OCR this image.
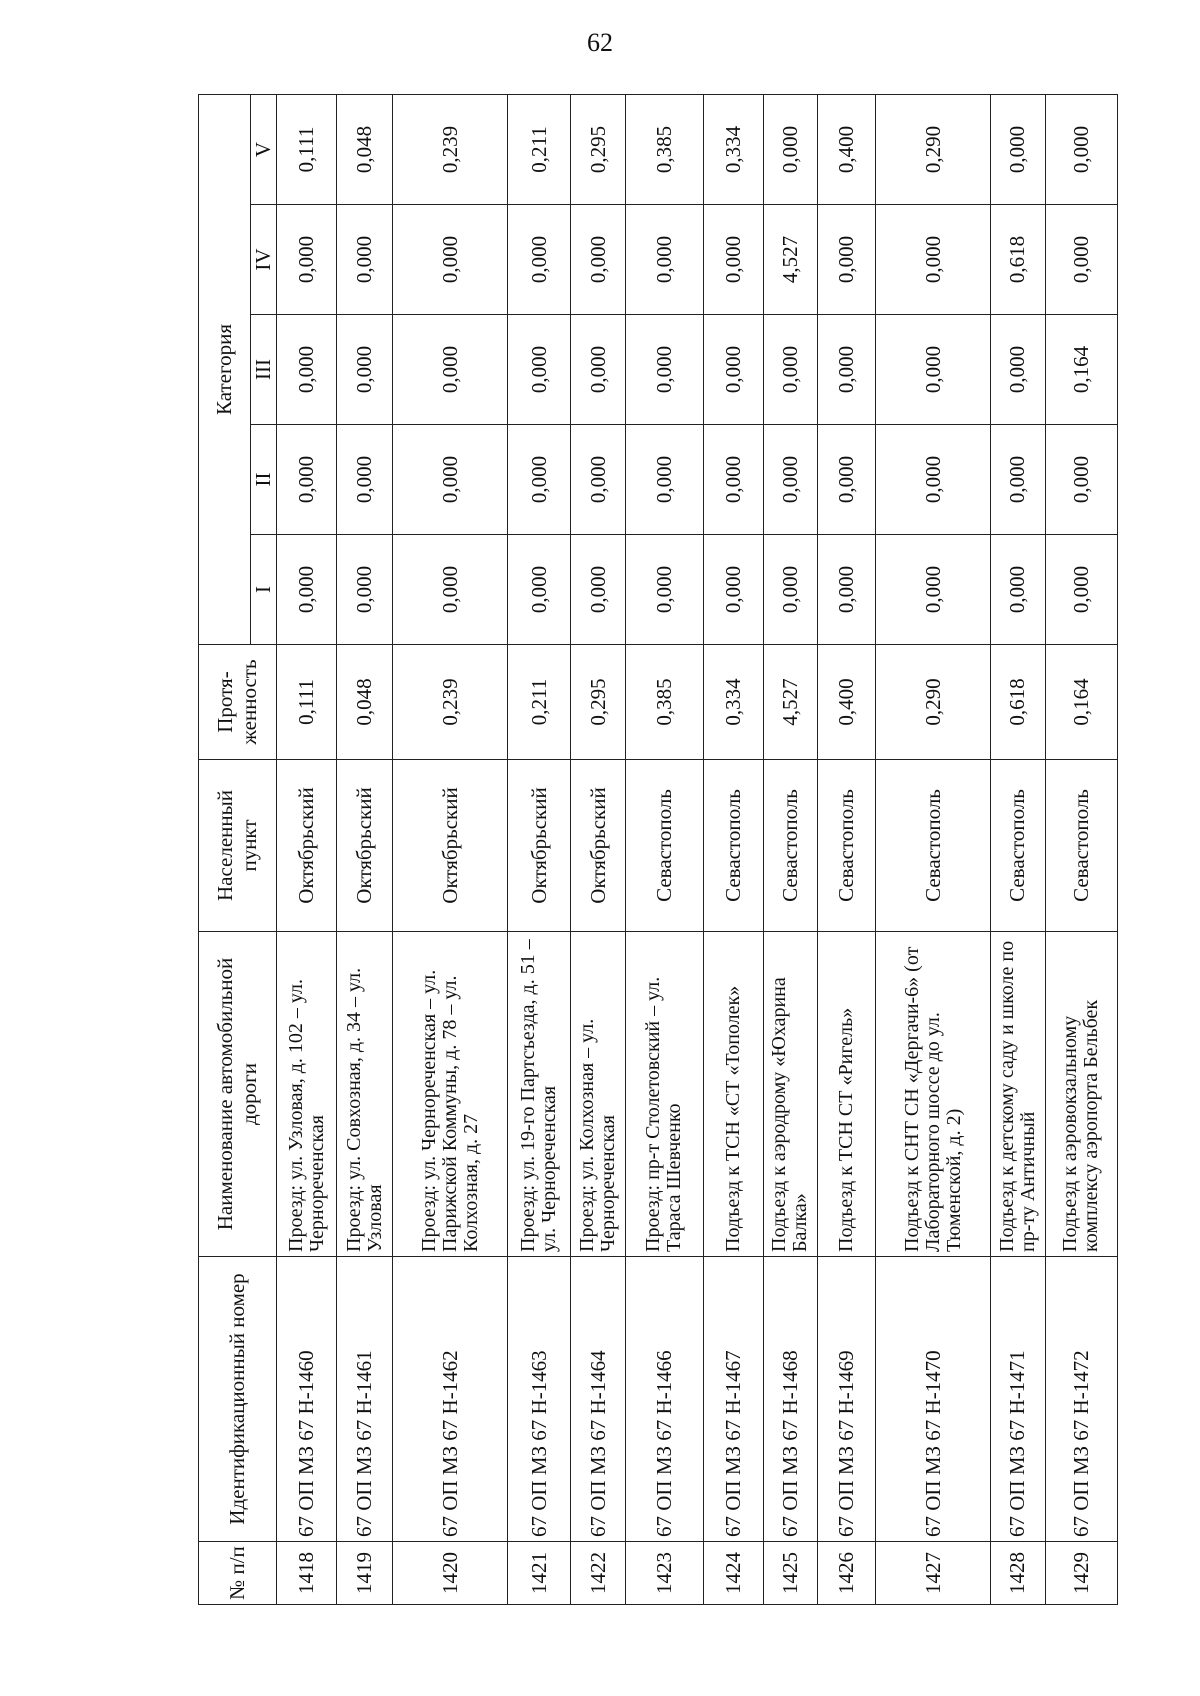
62
№ п/п	Идентификационный номер	Наименование автомобильной дороги	Населенный пункт	Протя-женность	Категория				
					I	II	III	IV	V
1418	67 ОП МЗ 67 Н-1460	Проезд: ул. Узловая, д. 102 – ул. Чернореченская	Октябрьский	0,111	0,000	0,000	0,000	0,000	0,111
1419	67 ОП МЗ 67 Н-1461	Проезд: ул. Совхозная, д. 34 – ул. Узловая	Октябрьский	0,048	0,000	0,000	0,000	0,000	0,048
1420	67 ОП МЗ 67 Н-1462	Проезд: ул. Чернореченская – ул. Парижской Коммуны, д. 78 – ул. Колхозная, д. 27	Октябрьский	0,239	0,000	0,000	0,000	0,000	0,239
1421	67 ОП МЗ 67 Н-1463	Проезд: ул. 19-го Партсъезда, д. 51 – ул. Чернореченская	Октябрьский	0,211	0,000	0,000	0,000	0,000	0,211
1422	67 ОП МЗ 67 Н-1464	Проезд: ул. Колхозная – ул. Чернореченская	Октябрьский	0,295	0,000	0,000	0,000	0,000	0,295
1423	67 ОП МЗ 67 Н-1466	Проезд: пр-т Столетовский – ул. Тараса Шевченко	Севастополь	0,385	0,000	0,000	0,000	0,000	0,385
1424	67 ОП МЗ 67 Н-1467	Подъезд к ТСН «СТ «Тополек»	Севастополь	0,334	0,000	0,000	0,000	0,000	0,334
1425	67 ОП МЗ 67 Н-1468	Подъезд к аэродрому «Юхарина Балка»	Севастополь	4,527	0,000	0,000	0,000	4,527	0,000
1426	67 ОП МЗ 67 Н-1469	Подъезд к ТСН СТ «Ригель»	Севастополь	0,400	0,000	0,000	0,000	0,000	0,400
1427	67 ОП МЗ 67 Н-1470	Подъезд к СНТ СН «Дергачи-6» (от Лабораторного шоссе до ул. Тюменской, д. 2)	Севастополь	0,290	0,000	0,000	0,000	0,000	0,290
1428	67 ОП МЗ 67 Н-1471	Подъезд к детскому саду и школе по пр-ту Античный	Севастополь	0,618	0,000	0,000	0,000	0,618	0,000
1429	67 ОП МЗ 67 Н-1472	Подъезд к аэровокзальному комплексу аэропорта Бельбек	Севастополь	0,164	0,000	0,000	0,164	0,000	0,000
